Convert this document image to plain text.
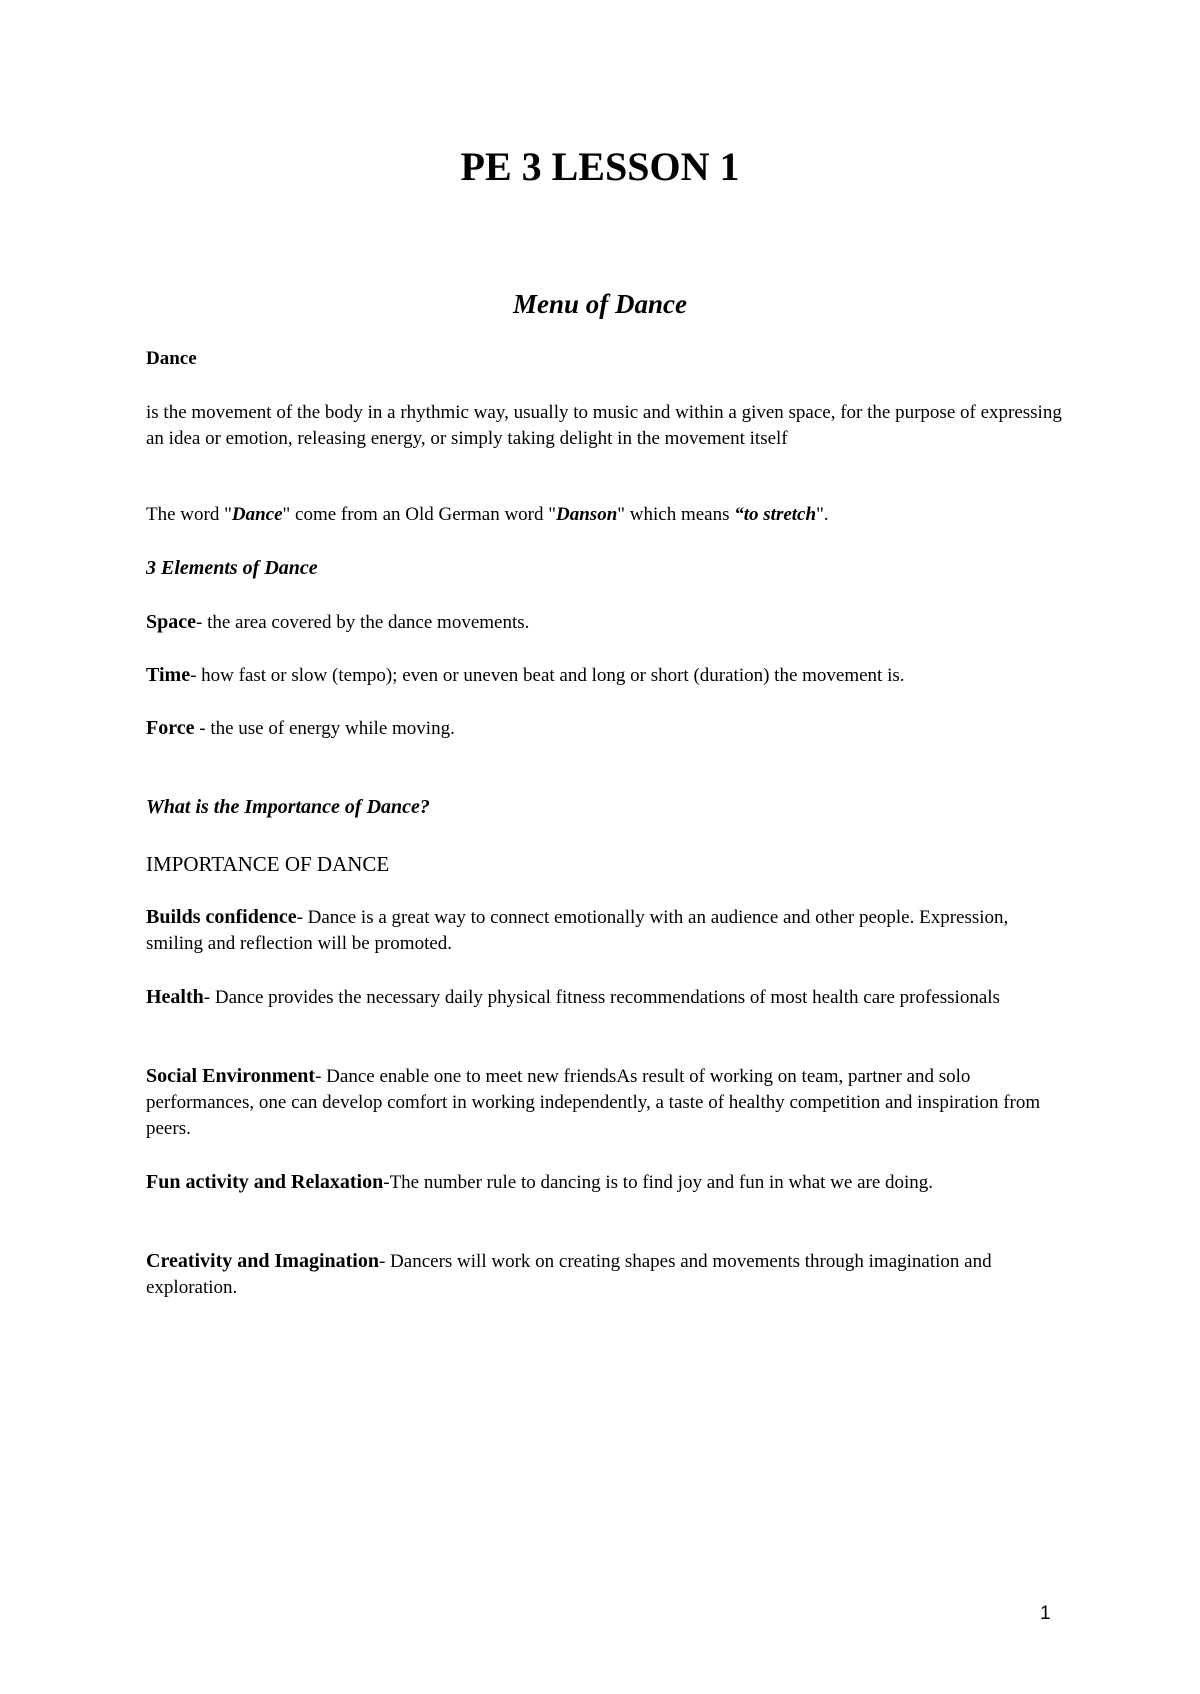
PE 3 LESSON 1
Menu of Dance

Dance

is the movement of the body in a rhythmic way, usually to music and within a given space, for the purpose of expressing an idea or emotion, releasing energy, or simply taking delight in the movement itself

The word "Dance" come from an Old German word "Danson" which means “to stretch".

3 Elements of Dance

Space- the area covered by the dance movements.

Time- how fast or slow (tempo); even or uneven beat and long or short (duration) the movement is.

Force - the use of energy while moving.

What is the Importance of Dance?

IMPORTANCE OF DANCE

Builds confidence- Dance is a great way to connect emotionally with an audience and other people. Expression, smiling and reflection will be promoted.

Health- Dance provides the necessary daily physical fitness recommendations of most health care professionals

Social Environment- Dance enable one to meet new friendsAs result of working on team, partner and solo performances, one can develop comfort in working independently, a taste of healthy competition and inspiration from peers.

Fun activity and Relaxation-The number rule to dancing is to find joy and fun in what we are doing.

Creativity and Imagination- Dancers will work on creating shapes and movements through imagination and exploration.

1
